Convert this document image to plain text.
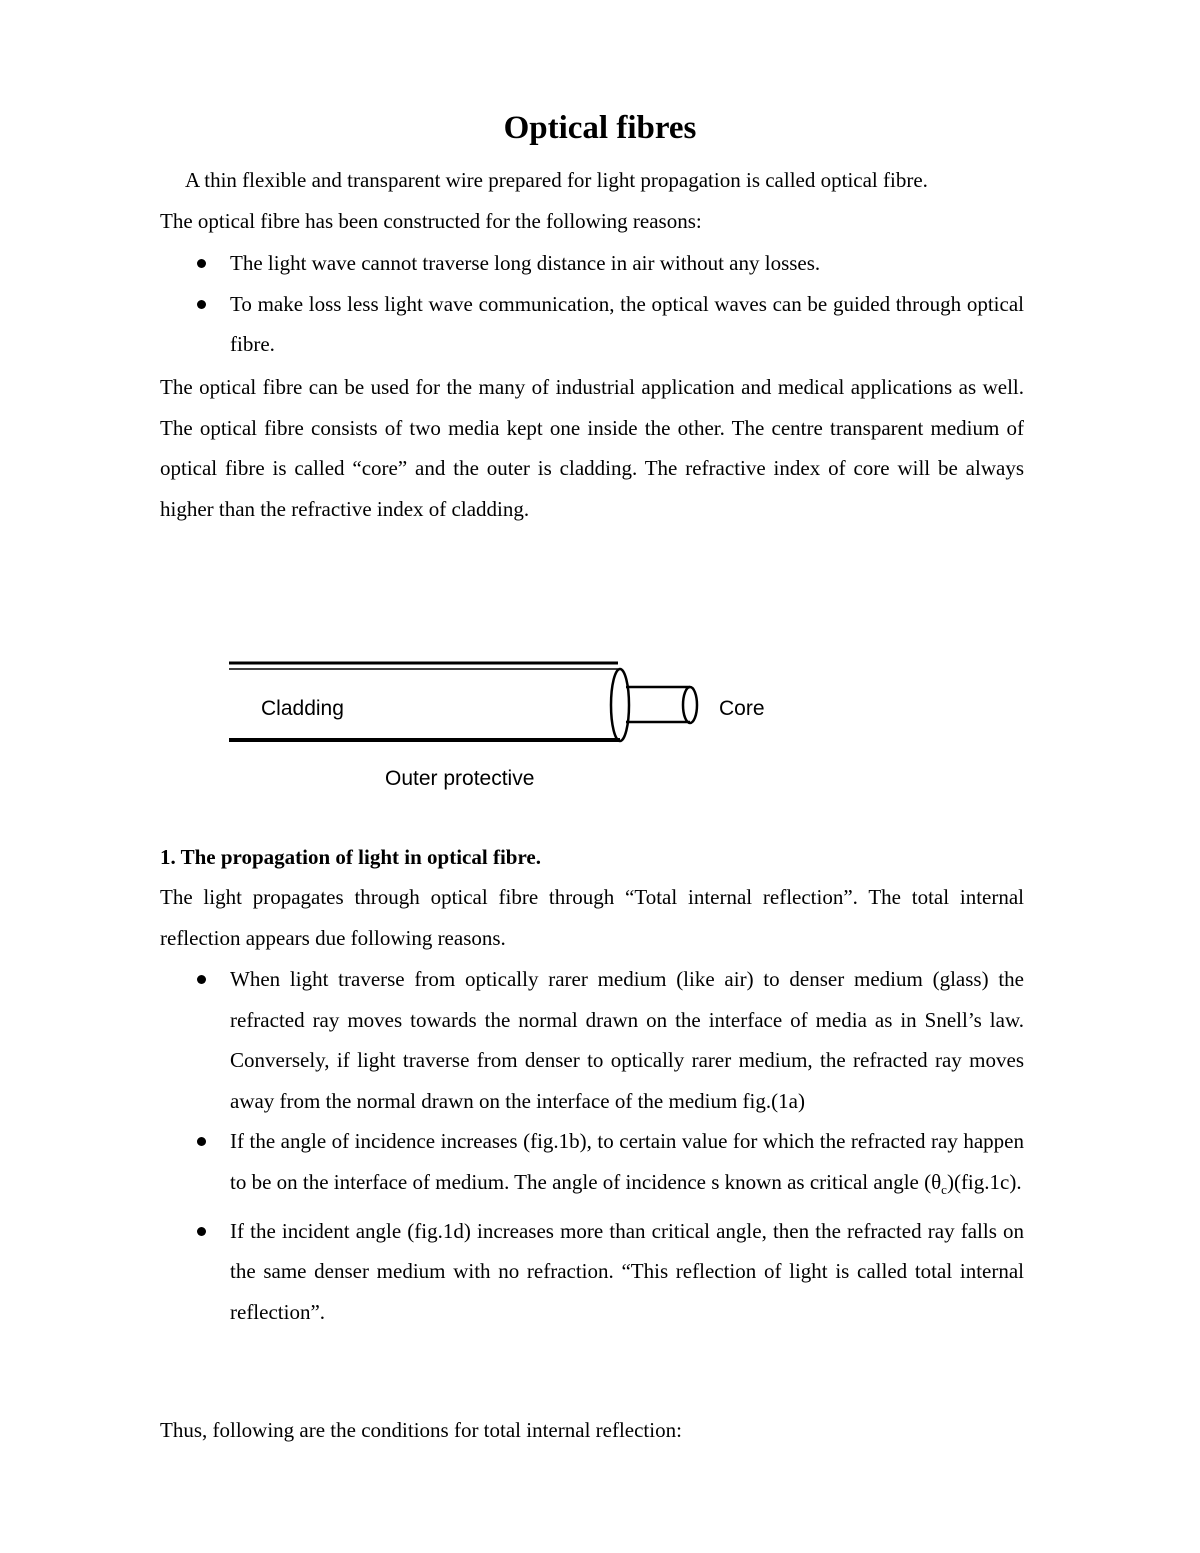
Optical fibres

A thin flexible and transparent wire prepared for light propagation is called optical fibre.

The optical fibre has been constructed for the following reasons:

The light wave cannot traverse long distance in air without any losses.
To make loss less light wave communication, the optical waves can be guided through optical fibre.

The optical fibre can be used for the many of industrial application and medical applications as well. The optical fibre consists of two media kept one inside the other. The centre transparent medium of optical fibre is called “core” and the outer is cladding. The refractive index of core will be always higher than the refractive index of cladding.

Cladding	Core
Outer protective
1. The propagation of light in optical fibre.

The light propagates through optical fibre through “Total internal reflection”. The total internal reflection appears due following reasons.

When light traverse from optically rarer medium (like air) to denser medium (glass) the refracted ray moves towards the normal drawn on the interface of media as in Snell’s law. Conversely, if light traverse from denser to optically rarer medium, the refracted ray moves away from the normal drawn on the interface of the medium fig.(1a)
If the angle of incidence increases (fig.1b), to certain value for which the refracted ray happen to be on the interface of medium. The angle of incidence s known as critical angle $(\theta_c)(fig.1c)$.
If the incident angle (fig.1d) increases more than critical angle, then the refracted ray falls on the same denser medium with no refraction. “This reflection of light is called total internal reflection”.

Thus, following are the conditions for total internal reflection:
